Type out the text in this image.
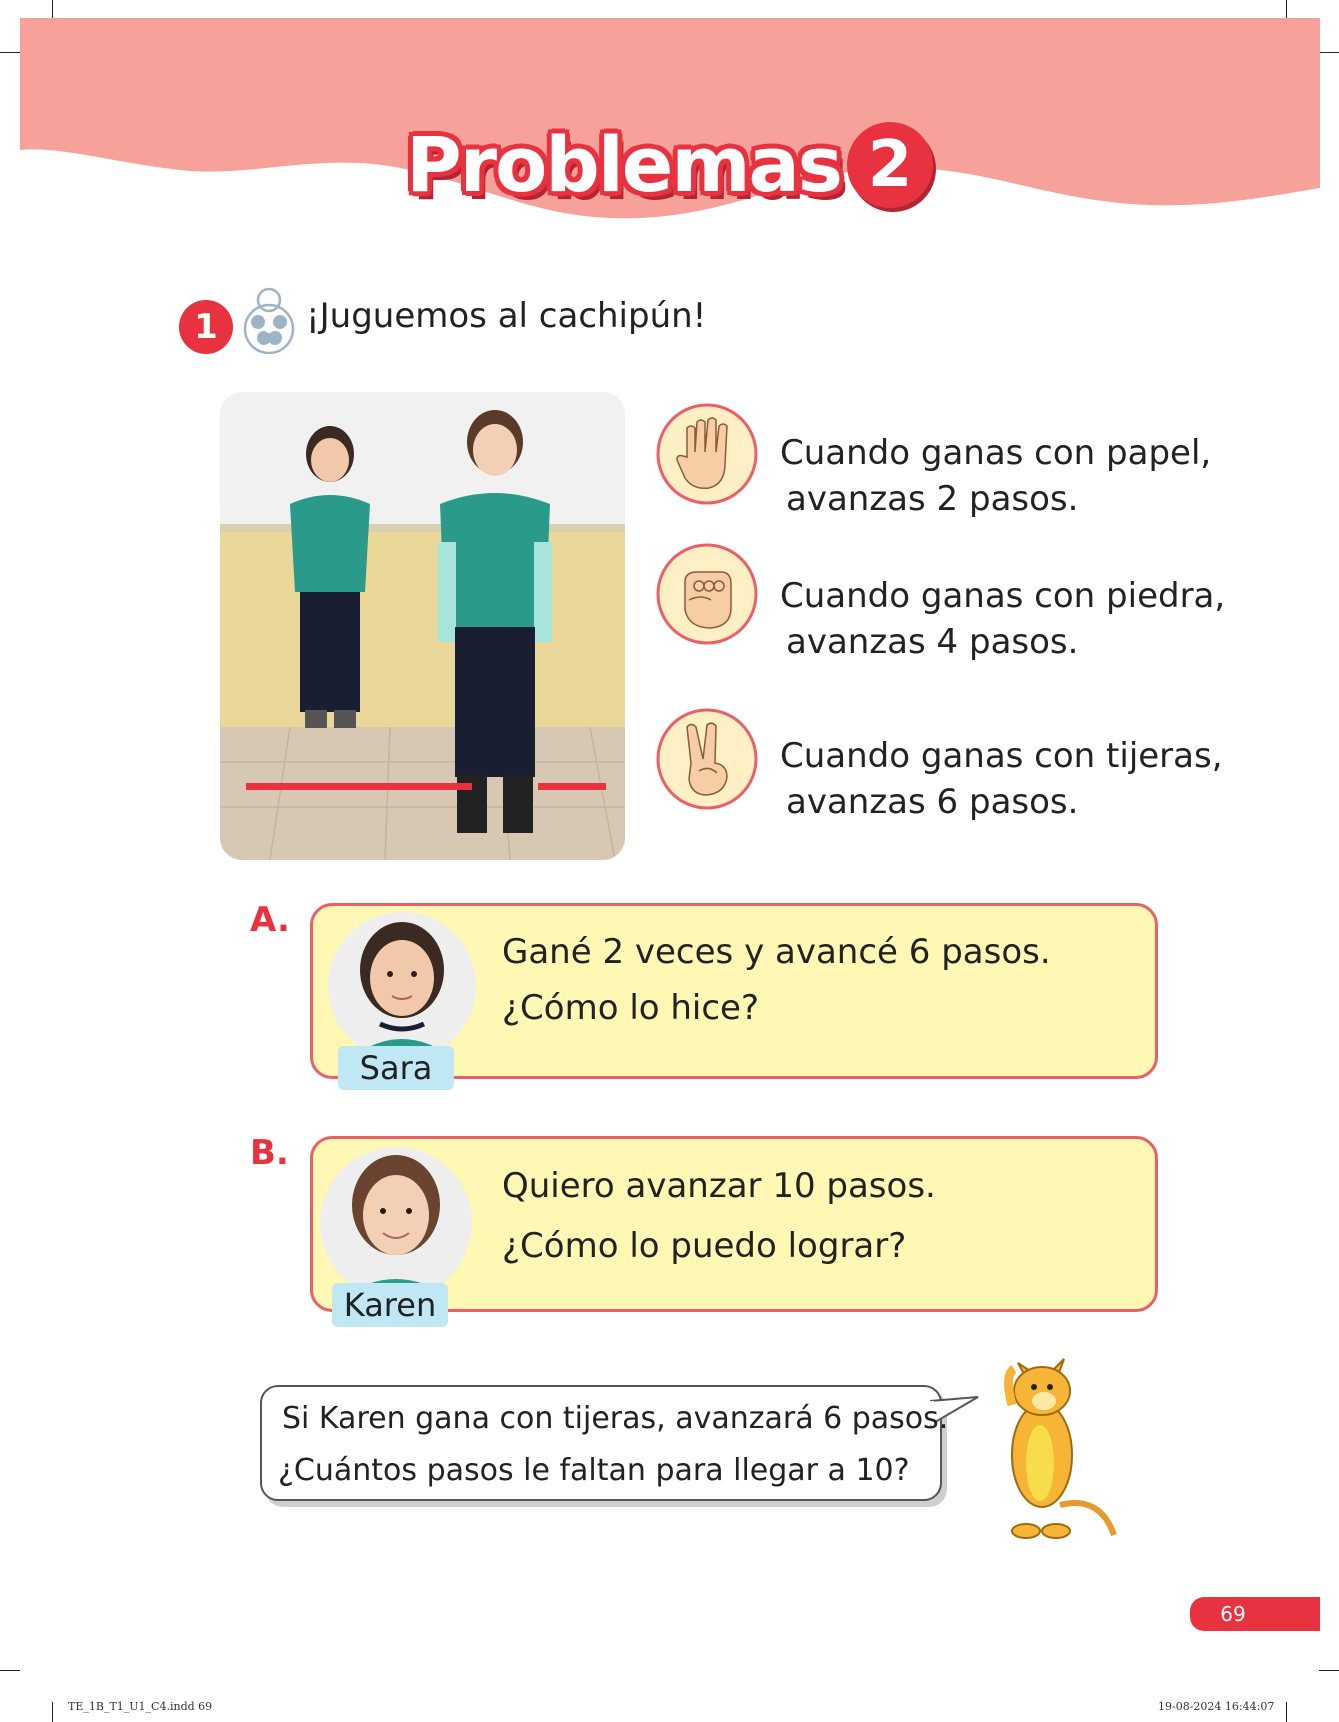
Problemas 2
1	¡Juguemos al cachipún!
Cuando ganas con papel,
avanzas 2 pasos.
Cuando ganas con piedra,
avanzas 4 pasos.
Cuando ganas con tijeras,
avanzas 6 pasos.
A.
Sara
Gané 2 veces y avancé 6 pasos.
¿Cómo lo hice?
B.
Karen
Quiero avanzar 10 pasos.
¿Cómo lo puedo lograr?
Si Karen gana con tijeras, avanzará 6 pasos.
¿Cuántos pasos le faltan para llegar a 10?
69
TE_1B_T1_U1_C4.indd 69	19-08-2024 16:44:07
